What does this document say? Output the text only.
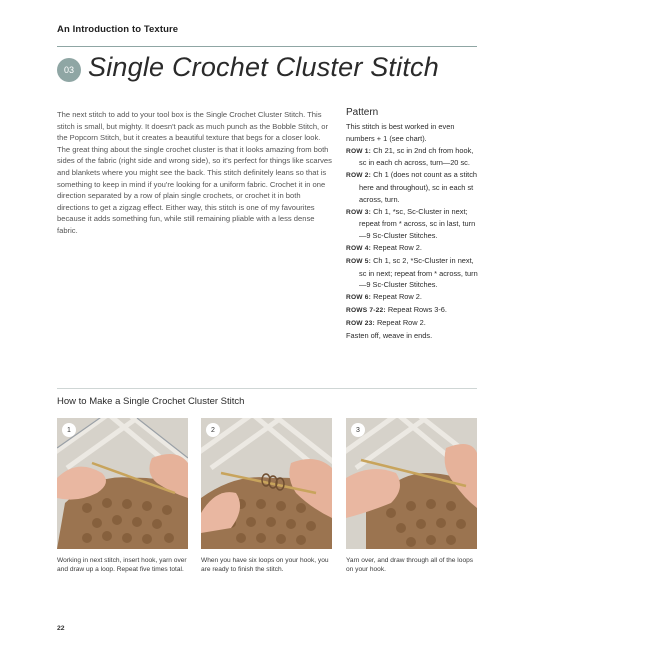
An Introduction to Texture
03 Single Crochet Cluster Stitch
The next stitch to add to your tool box is the Single Crochet Cluster Stitch. This stitch is small, but mighty. It doesn't pack as much punch as the Bobble Stitch, or the Popcorn Stitch, but it creates a beautiful texture that begs for a closer look. The great thing about the single crochet cluster is that it looks amazing from both sides of the fabric (right side and wrong side), so it's perfect for things like scarves and blankets where you might see the back. This stitch definitely leans so that is something to keep in mind if you're looking for a uniform fabric. Crochet it in one direction separated by a row of plain single crochets, or crochet it in both directions to get a zigzag effect. Either way, this stitch is one of my favourites because it adds something fun, while still remaining pliable with a less dense fabric.
Pattern

This stitch is best worked in even numbers + 1 (see chart).

ROW 1: Ch 21, sc in 2nd ch from hook, sc in each ch across, turn—20 sc.

ROW 2: Ch 1 (does not count as a stitch here and throughout), sc in each st across, turn.

ROW 3: Ch 1, *sc, Sc-Cluster in next; repeat from * across, sc in last, turn—9 Sc-Cluster Stitches.

ROW 4: Repeat Row 2.

ROW 5: Ch 1, sc 2, *Sc-Cluster in next, sc in next; repeat from * across, turn—9 Sc-Cluster Stitches.

ROW 6: Repeat Row 2.

ROWS 7-22: Repeat Rows 3-6.

ROW 23: Repeat Row 2.

Fasten off, weave in ends.

How to Make a Single Crochet Cluster Stitch
1	2	3
Working in next stitch, insert hook, yarn over and draw up a loop. Repeat five times total.
When you have six loops on your hook, you are ready to finish the stitch.
Yarn over, and draw through all of the loops on your hook.
22
